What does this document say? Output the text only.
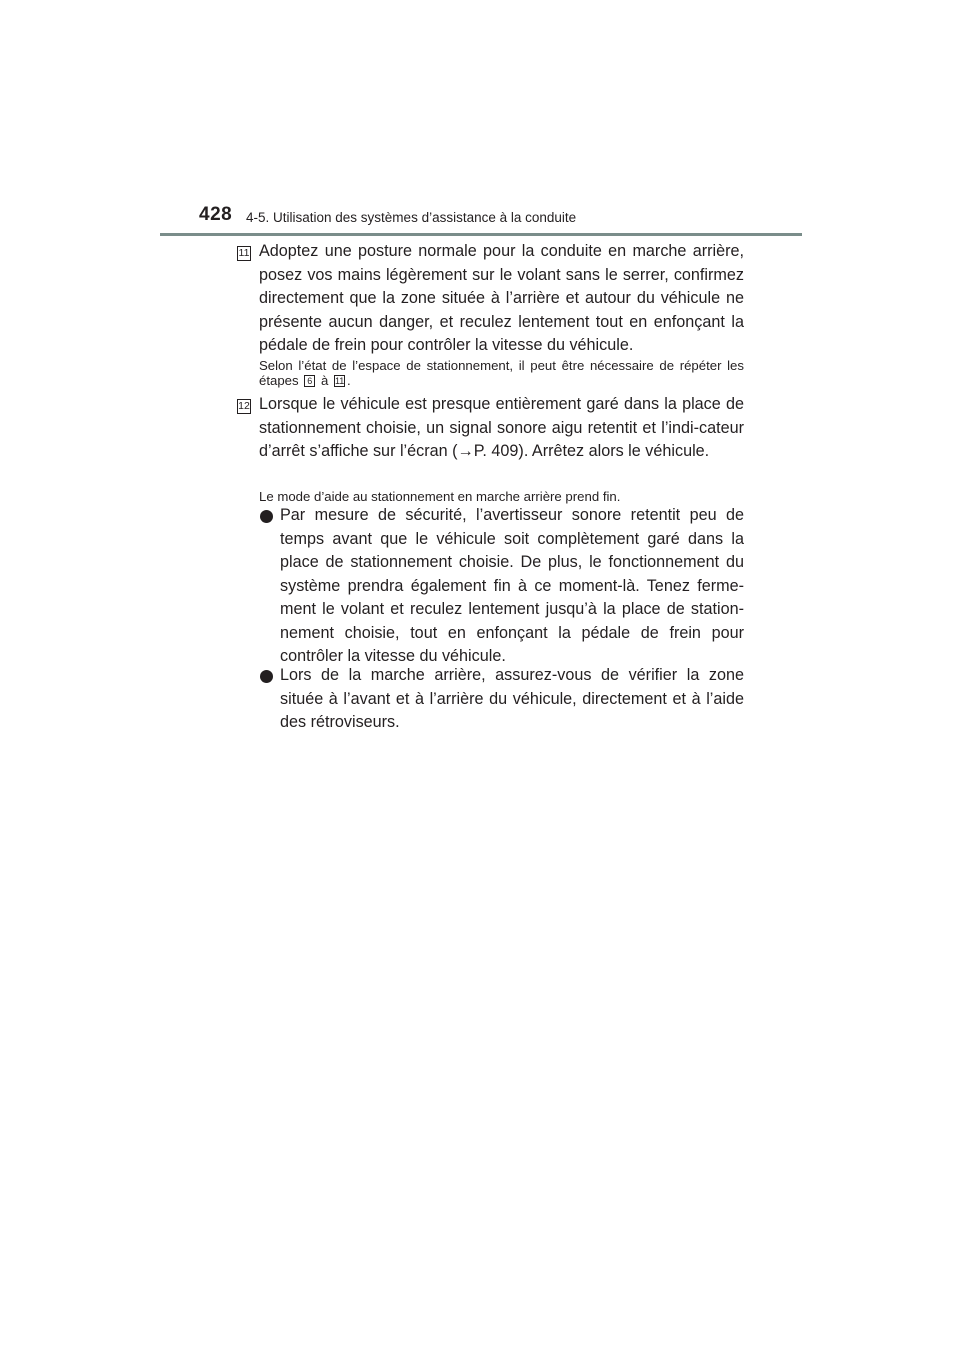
428 4-5. Utilisation des systèmes d’assistance à la conduite
11 Adoptez une posture normale pour la conduite en marche arrière, posez vos mains légèrement sur le volant sans le serrer, confirmez directement que la zone située à l’arrière et autour du véhicule ne présente aucun danger, et reculez lentement tout en enfonçant la pédale de frein pour contrôler la vitesse du véhicule.
Selon l’état de l’espace de stationnement, il peut être nécessaire de répéter les étapes 6 à 11 .
12 Lorsque le véhicule est presque entièrement garé dans la place de stationnement choisie, un signal sonore aigu retentit et l’indi-cateur d’arrêt s’affiche sur l’écran (→P. 409). Arrêtez alors le véhicule.
Le mode d’aide au stationnement en marche arrière prend fin.
Par mesure de sécurité, l’avertisseur sonore retentit peu de temps avant que le véhicule soit complètement garé dans la place de stationnement choisie. De plus, le fonctionnement du système prendra également fin à ce moment-là. Tenez ferme-ment le volant et reculez lentement jusqu’à la place de station-nement choisie, tout en enfonçant la pédale de frein pour contrôler la vitesse du véhicule.
Lors de la marche arrière, assurez-vous de vérifier la zone située à l’avant et à l’arrière du véhicule, directement et à l’aide des rétroviseurs.
